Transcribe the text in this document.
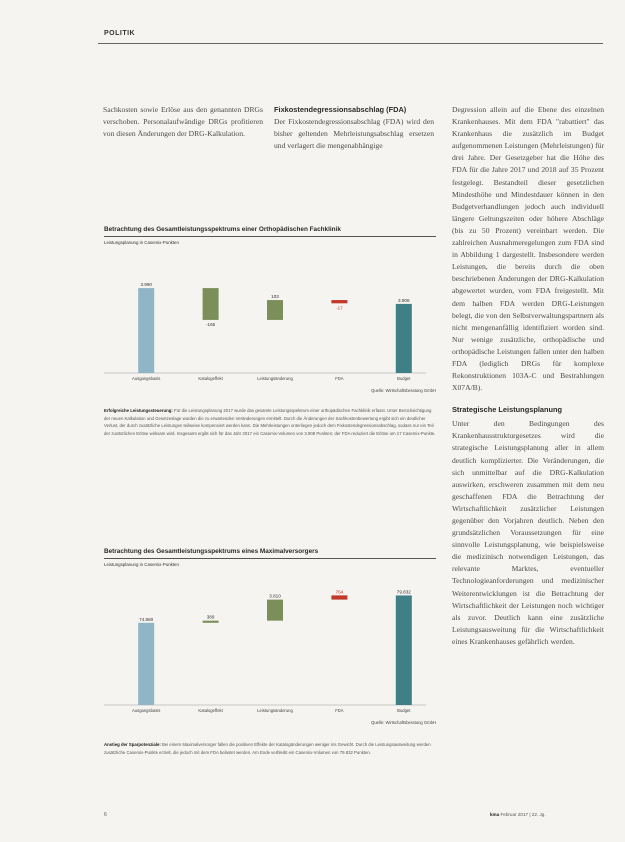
POLITIK

Sachkosten sowie Erlöse aus den genannten DRGs verschoben. Personalaufwändige DRGs profitieren von diesen Änderungen der DRG-Kalkulation.

Fixkostendegressionsabschlag (FDA)

Der Fixkostendegressionsabschlag (FDA) wird den bisher geltenden Mehrleistungsabschlag ersetzen und verlagert die mengenabhängige

Degression allein auf die Ebene des einzelnen Krankenhauses. Mit dem FDA "rabattiert" das Krankenhaus die zusätzlich im Budget aufgenommenen Leistungen (Mehrleistungen) für drei Jahre. Der Gesetzgeber hat die Höhe des FDA für die Jahre 2017 und 2018 auf 35 Prozent festgelegt. Bestandteil dieser gesetzlichen Mindesthöhe und Mindestdauer können in den Budgetverhandlungen jedoch auch individuell längere Geltungszeiten oder höhere Abschläge (bis zu 50 Prozent) vereinbart werden. Die zahlreichen Ausnahmeregelungen zum FDA sind in Abbildung 1 dargestellt. Insbesondere werden Leistungen, die bereits durch die oben beschriebenen Änderungen der DRG-Kalkulation abgewertet wurden, vom FDA freigestellt. Mit dem halben FDA werden DRG-Leistungen belegt, die von den Selbstverwaltungspartnern als nicht mengenanfällig identifiziert worden sind. Nur wenige zusätzliche, orthopädische und orthopädische Leistungen fallen unter den halben FDA (lediglich DRGs für komplexe Rekonstruktionen 103A-C und Bestrahlungen X07A/B).

Strategische Leistungsplanung

Unter den Bedingungen des Krankenhausstrukturgesetzes wird die strategische Leistungsplanung aller in allem deutlich komplizierter. Die Veränderungen, die sich unmittelbar auf die DRG-Kalkulation auswirken, erschweren zusammen mit dem neu geschaffenen FDA die Betrachtung der Wirtschaftlichkeit zusätzlicher Leistungen gegenüber den Vorjahren deutlich. Neben den grundsätzlichen Voraussetzungen für eine sinnvolle Leistungsplanung, wie beispielsweise die medizinisch notwendigen Leistungen, das relevante Marktes, eventueller Technologieanforderungen und medizinischer Weiterentwicklungen ist die Betrachtung der Wirtschaftlichkeit der Leistungen noch wichtiger als zuvor. Deutlich kann eine zusätzliche Leistungsausweitung für die Wirtschaftlichkeit eines Krankenhauses gefährlich werden.

Betrachtung des Gesamtleistungsspektrums einer Orthopädischen Fachklinik
Leistungsplanung in Casemix-Punkten
3.990
Ausgangsbasis
-165
Katalogeffekt
103
Leistungsänderung
-17
FDA
3.908
Budget
Quelle: Wirtschaftsberatung GmbH
Erfolgreiche Leistungssteuerung: Für die Leistungsplanung 2017 wurde das gesamte Leistungsspektrum einer orthopädischen Fachklinik erfasst. Unter Berücksichtigung der neuen Kalkulation und Gesetzeslage wurden die zu erwartenden Veränderungen ermittelt. Durch die Änderungen der Sachkostenbewertung ergibt sich ein deutlicher Verlust, der durch zusätzliche Leistungen teilweise kompensiert werden kann. Die Mehrleistungen unterliegen jedoch dem Fixkostendegressionsabschlag, sodass nur ein Teil der zusätzlichen Erlöse wirksam wird. Insgesamt ergibt sich für das Jahr 2017 ein Casemix-Volumen von 3.908 Punkten; der FDA reduziert die Erlöse um 17 Casemix-Punkte.
Betrachtung des Gesamtleistungsspektrums eines Maximalversorgers
Leistungsplanung in Casemix-Punkten
74.880
Ausgangsbasis
389
Katalogeffekt
3.810
Leistungsänderung
764
FDA
79.832
Budget
Quelle: Wirtschaftsberatung GmbH
Anstieg der Sparpotenziale: Bei einem Maximalversorger fallen die positiven Effekte der Katalogänderungen weniger ins Gewicht. Durch die Leistungsausweitung werden zusätzliche Casemix-Punkte erzielt, die jedoch mit dem FDA belastet werden. Am Ende verbleibt ein Casemix-Volumen von 79.832 Punkten.
6	kma Februar 2017 | 22. Jg.
